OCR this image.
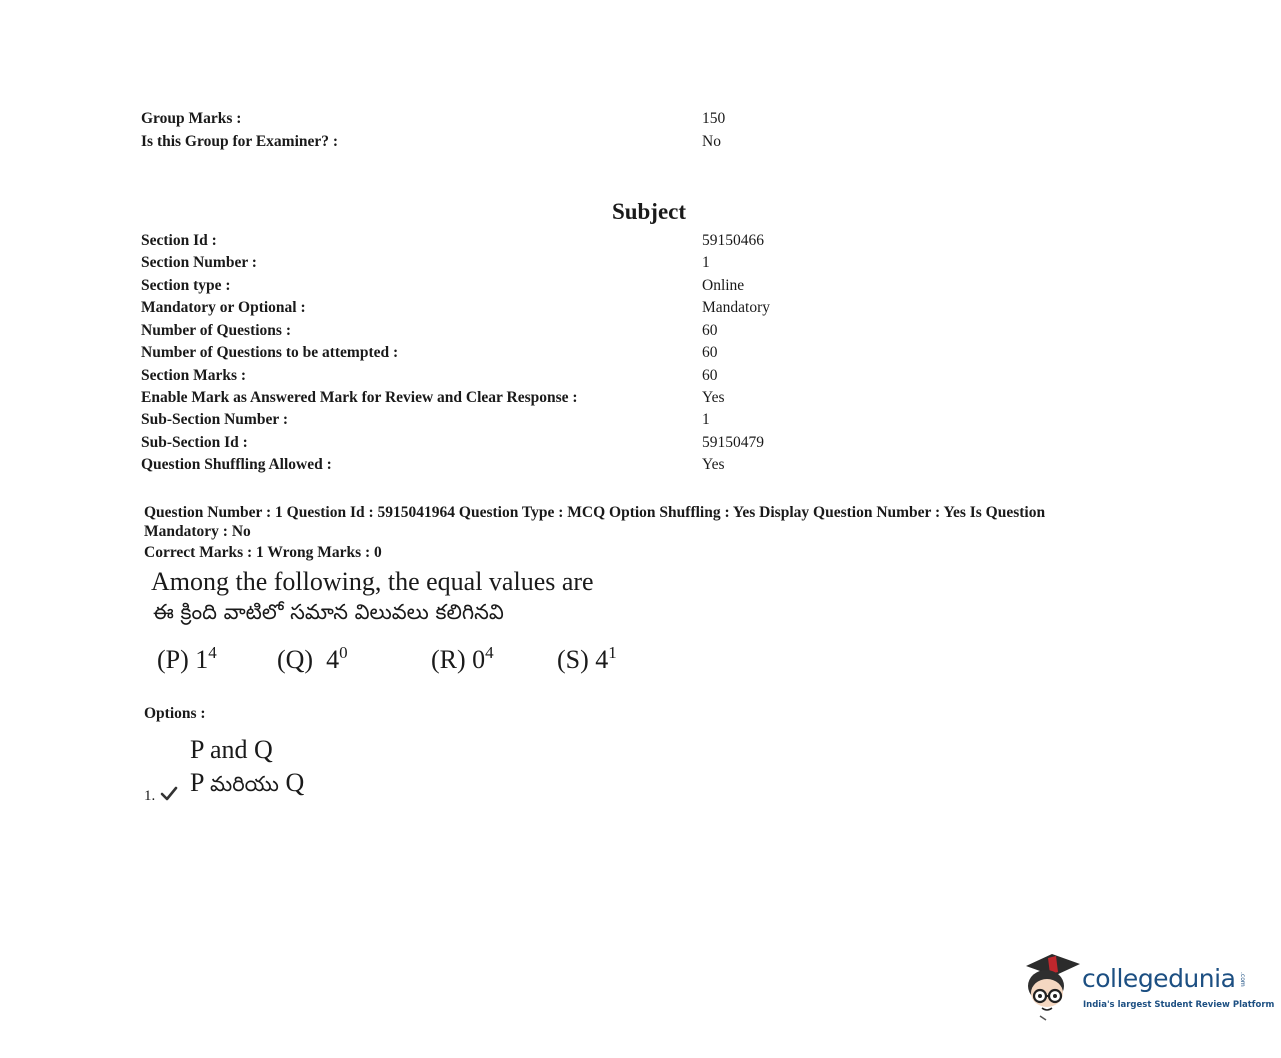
Group Marks :	150
Is this Group for Examiner? :	No
Subject
Section Id :	59150466
Section Number :	1
Section type :	Online
Mandatory or Optional :	Mandatory
Number of Questions :	60
Number of Questions to be attempted :	60
Section Marks :	60
Enable Mark as Answered Mark for Review and Clear Response :	Yes
Sub-Section Number :	1
Sub-Section Id :	59150479
Question Shuffling Allowed :	Yes
Question Number : 1 Question Id : 5915041964 Question Type : MCQ Option Shuffling : Yes Display Question Number : Yes Is Question Mandatory : No
Correct Marks : 1 Wrong Marks : 0
Among the following, the equal values are
ఈ క్రింది వాటిలో సమాన విలువలు కలిగినవి
(P) $1^4$ (Q)  $4^0$	(R) $0^4$ (S) $4^1$
Options :
P and Q
P మరియు Q
1.
collegedunia .com
India's largest Student Review Platform
